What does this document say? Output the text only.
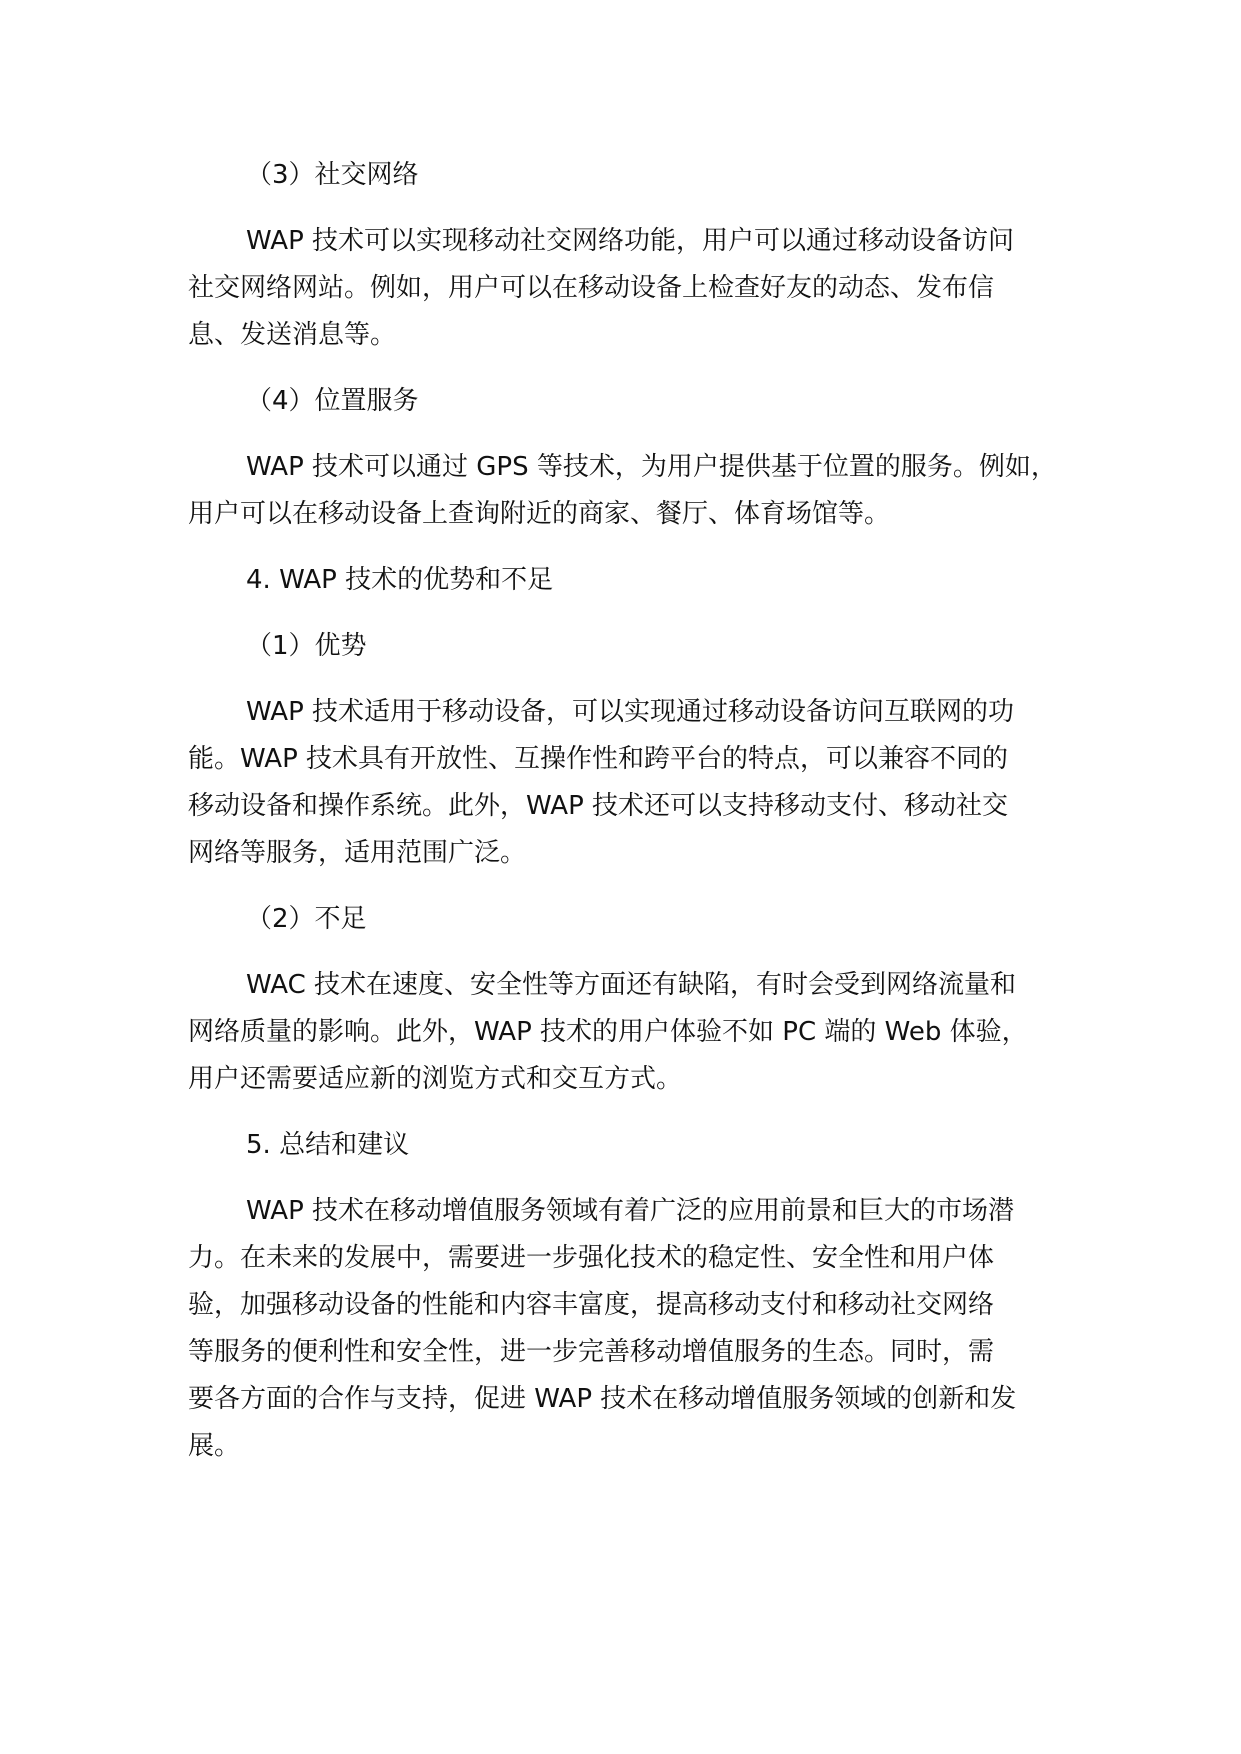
（3）社交网络

WAP 技术可以实现移动社交网络功能，用户可以通过移动设备访问
社交网络网站。例如，用户可以在移动设备上检查好友的动态、发布信
息、发送消息等。

（4）位置服务

WAP 技术可以通过 GPS 等技术，为用户提供基于位置的服务。例如，
用户可以在移动设备上查询附近的商家、餐厅、体育场馆等。

4. WAP 技术的优势和不足

（1）优势

WAP 技术适用于移动设备，可以实现通过移动设备访问互联网的功
能。WAP 技术具有开放性、互操作性和跨平台的特点，可以兼容不同的
移动设备和操作系统。此外，WAP 技术还可以支持移动支付、移动社交
网络等服务，适用范围广泛。

（2）不足

WAC 技术在速度、安全性等方面还有缺陷，有时会受到网络流量和
网络质量的影响。此外，WAP 技术的用户体验不如 PC 端的 Web 体验，
用户还需要适应新的浏览方式和交互方式。

5. 总结和建议

WAP 技术在移动增值服务领域有着广泛的应用前景和巨大的市场潜
力。在未来的发展中，需要进一步强化技术的稳定性、安全性和用户体
验，加强移动设备的性能和内容丰富度，提高移动支付和移动社交网络
等服务的便利性和安全性，进一步完善移动增值服务的生态。同时，需
要各方面的合作与支持，促进 WAP 技术在移动增值服务领域的创新和发
展。
